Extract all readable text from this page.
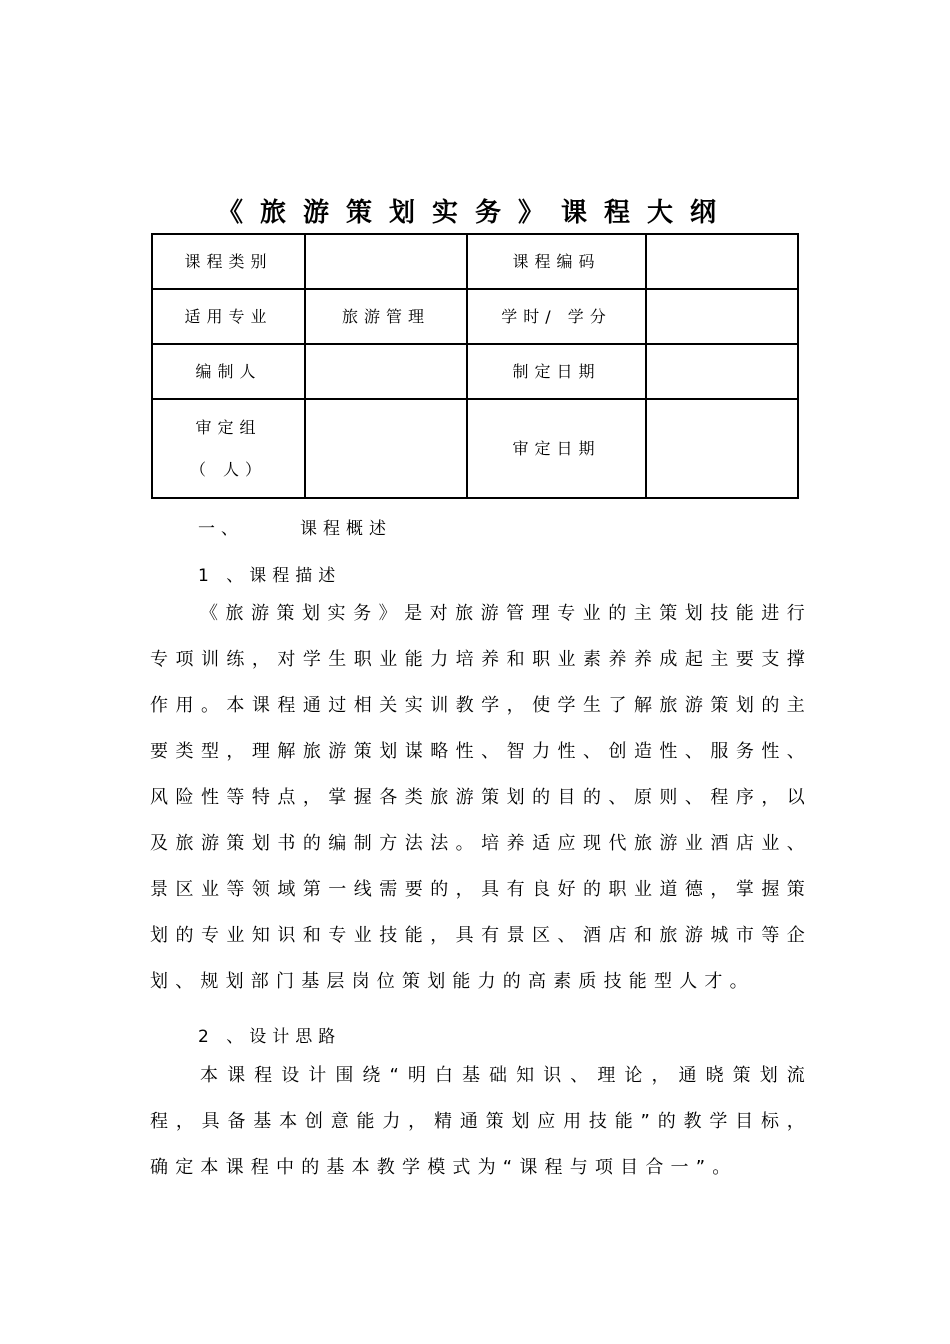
《旅游策划实务》课程大纲
课程类别		课程编码	
适用专业	旅游管理	学时/ 学分	
编制人		制定日期	

审定组
（ 人）		审定日期	
一、	课程概述
1 、课程描述

《旅游策划实务》是对旅游管理专业的主策划技能进行专项训练，对学生职业能力培养和职业素养养成起主要支撑作用。本课程通过相关实训教学，使学生了解旅游策划的主要类型，理解旅游策划谋略性、智力性、创造性、服务性、风险性等特点，掌握各类旅游策划的目的、原则、程序，以及旅游策划书的编制方法法。培养适应现代旅游业酒店业、景区业等领域第一线需要的，具有良好的职业道德，掌握策划的专业知识和专业技能，具有景区、酒店和旅游城市等企划、规划部门基层岗位策划能力的高素质技能型人才。

2 、设计思路

本课程设计围绕“明白基础知识、理论，通晓策划流程，具备基本创意能力，精通策划应用技能”的教学目标，确定本课程中的基本教学模式为“课程与项目合一”。
